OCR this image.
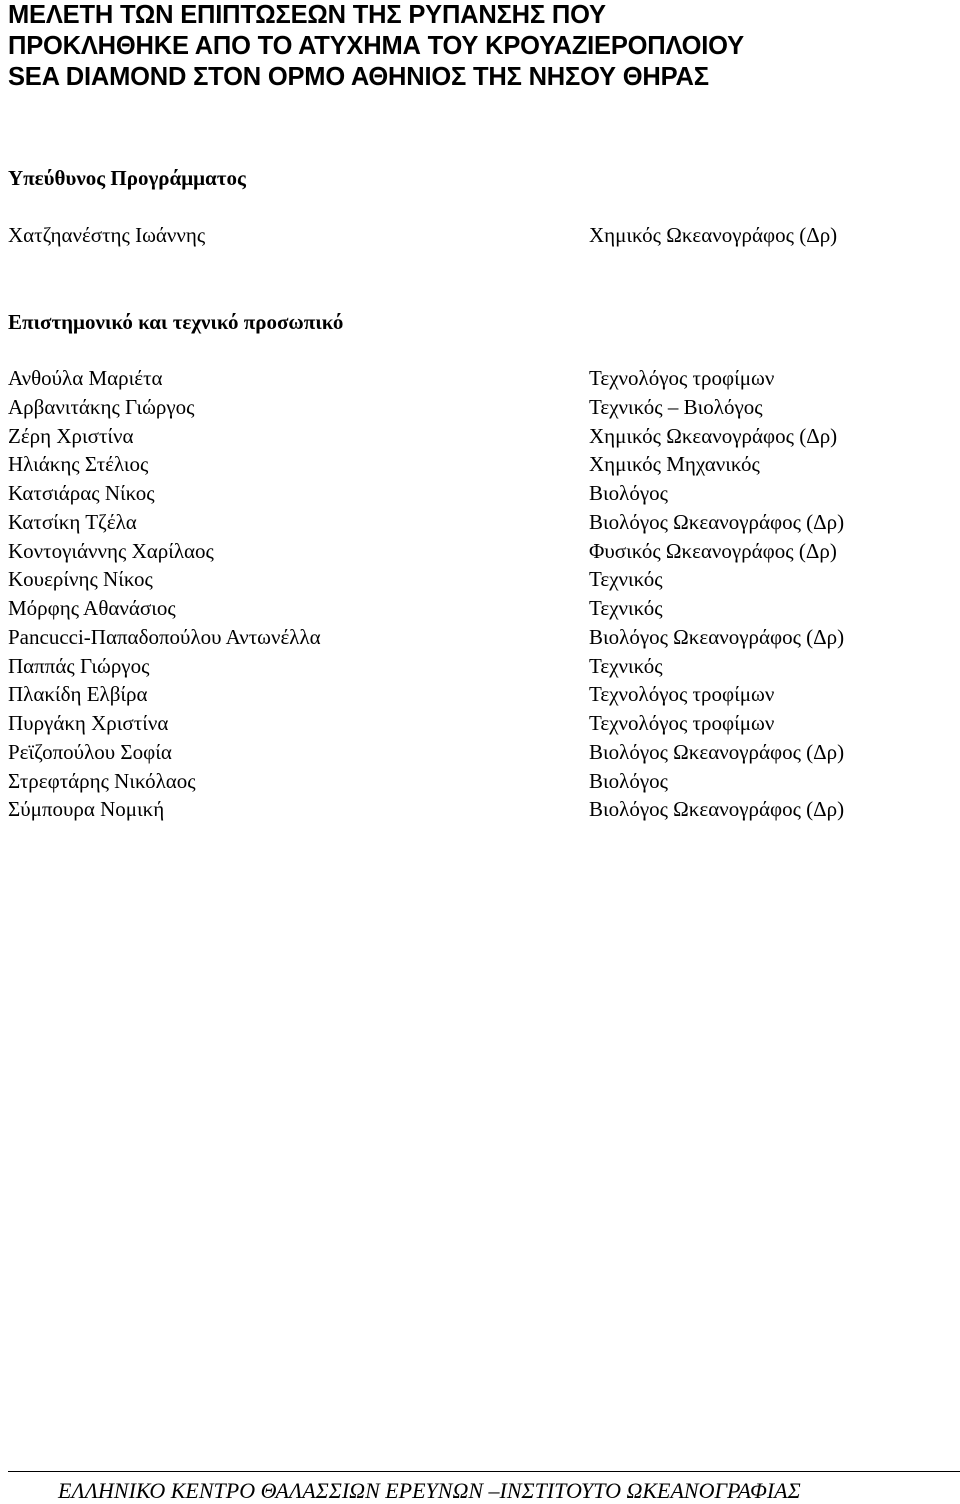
ΜΕΛΕΤΗ ΤΩΝ ΕΠΙΠΤΩΣΕΩΝ ΤΗΣ ΡΥΠΑΝΣΗΣ ΠΟΥ
ΠΡΟΚΛΗΘΗΚΕ ΑΠΟ ΤΟ ΑΤΥΧΗΜΑ ΤΟΥ ΚΡΟΥΑΖΙΕΡΟΠΛΟΙΟΥ
SEA DIAMOND ΣΤΟΝ ΟΡΜΟ ΑΘΗΝΙΟΣ ΤΗΣ ΝΗΣΟΥ ΘΗΡΑΣ
Υπεύθυνος Προγράμματος
Χατζηανέστης Ιωάννης	Χημικός Ωκεανογράφος (Δρ)
Επιστημονικό και τεχνικό προσωπικό
Ανθούλα Μαριέτα	Τεχνολόγος τροφίμων
Αρβανιτάκης Γιώργος	Τεχνικός – Βιολόγος
Ζέρη Χριστίνα	Χημικός Ωκεανογράφος (Δρ)
Ηλιάκης Στέλιος	Χημικός Μηχανικός
Κατσιάρας Νίκος	Βιολόγος
Κατσίκη Τζέλα	Βιολόγος Ωκεανογράφος (Δρ)
Κοντογιάννης Χαρίλαος	Φυσικός Ωκεανογράφος (Δρ)
Κουερίνης Νίκος	Τεχνικός
Μόρφης Αθανάσιος	Τεχνικός
Pancucci-Παπαδοπούλου Αντωνέλλα	Βιολόγος Ωκεανογράφος (Δρ)
Παππάς Γιώργος	Τεχνικός
Πλακίδη Ελβίρα	Τεχνολόγος τροφίμων
Πυργάκη Χριστίνα	Τεχνολόγος τροφίμων
Ρεϊζοπούλου Σοφία	Βιολόγος Ωκεανογράφος (Δρ)
Στρεφτάρης Νικόλαος	Βιολόγος
Σύμπουρα Νομική	Βιολόγος Ωκεανογράφος (Δρ)
ΕΛΛΗΝΙΚΟ ΚΕΝΤΡΟ ΘΑΛΑΣΣΙΩΝ ΕΡΕΥΝΩΝ –ΙΝΣΤΙΤΟΥΤΟ ΩΚΕΑΝΟΓΡΑΦΙΑΣ
